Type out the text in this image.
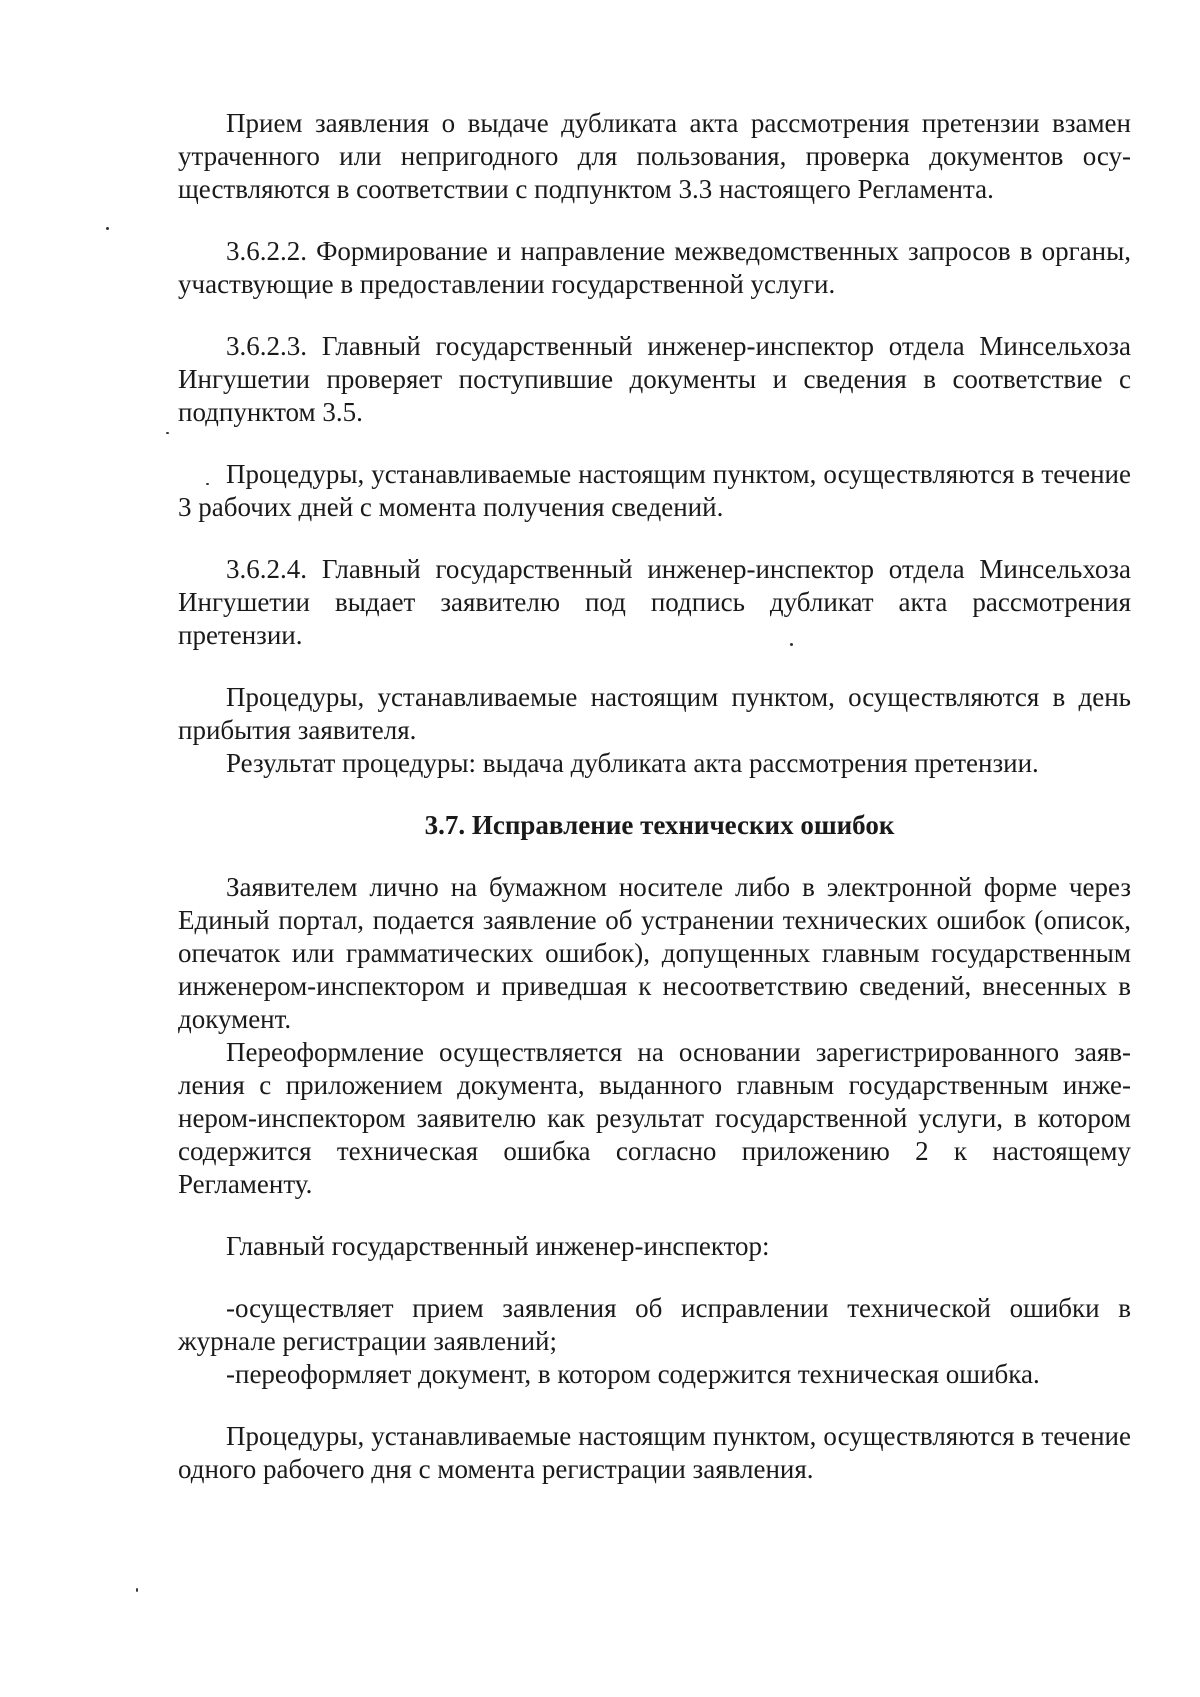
Прием заявления о выдаче дубликата акта рассмотрения претензии взамен утраченного или непригодного для пользования, проверка документов осуществляются в соответствии с подпунктом 3.3 настоящего Регламента.

3.6.2.2. Формирование и направление межведомственных запросов в органы, участвующие в предоставлении государственной услуги.

3.6.2.3. Главный государственный инженер-инспектор отдела Минсельхоза Ингушетии проверяет поступившие документы и сведения в соответствие с подпунктом 3.5.

Процедуры, устанавливаемые настоящим пунктом, осуществляются в течение 3 рабочих дней с момента получения сведений.

3.6.2.4. Главный государственный инженер-инспектор отдела Минсельхоза Ингушетии выдает заявителю под подпись дубликат акта рассмотрения претензии.

Процедуры, устанавливаемые настоящим пунктом, осуществляются в день прибытия заявителя.

Результат процедуры: выдача дубликата акта рассмотрения претензии.

3.7. Исправление технических ошибок

Заявителем лично на бумажном носителе либо в электронной форме через Единый портал, подается заявление об устранении технических ошибок (описок, опечаток или грамматических ошибок), допущенных главным государственным инженером-инспектором и приведшая к несоответствию сведений, внесенных в документ.

Переоформление осуществляется на основании зарегистрированного заявления с приложением документа, выданного главным государственным инженером-инспектором заявителю как результат государственной услуги, в котором содержится техническая ошибка согласно приложению 2 к настоящему Регламенту.

Главный государственный инженер-инспектор:

-осуществляет прием заявления об исправлении технической ошибки в журнале регистрации заявлений;

-переоформляет документ, в котором содержится техническая ошибка.

Процедуры, устанавливаемые настоящим пунктом, осуществляются в течение одного рабочего дня с момента регистрации заявления.
